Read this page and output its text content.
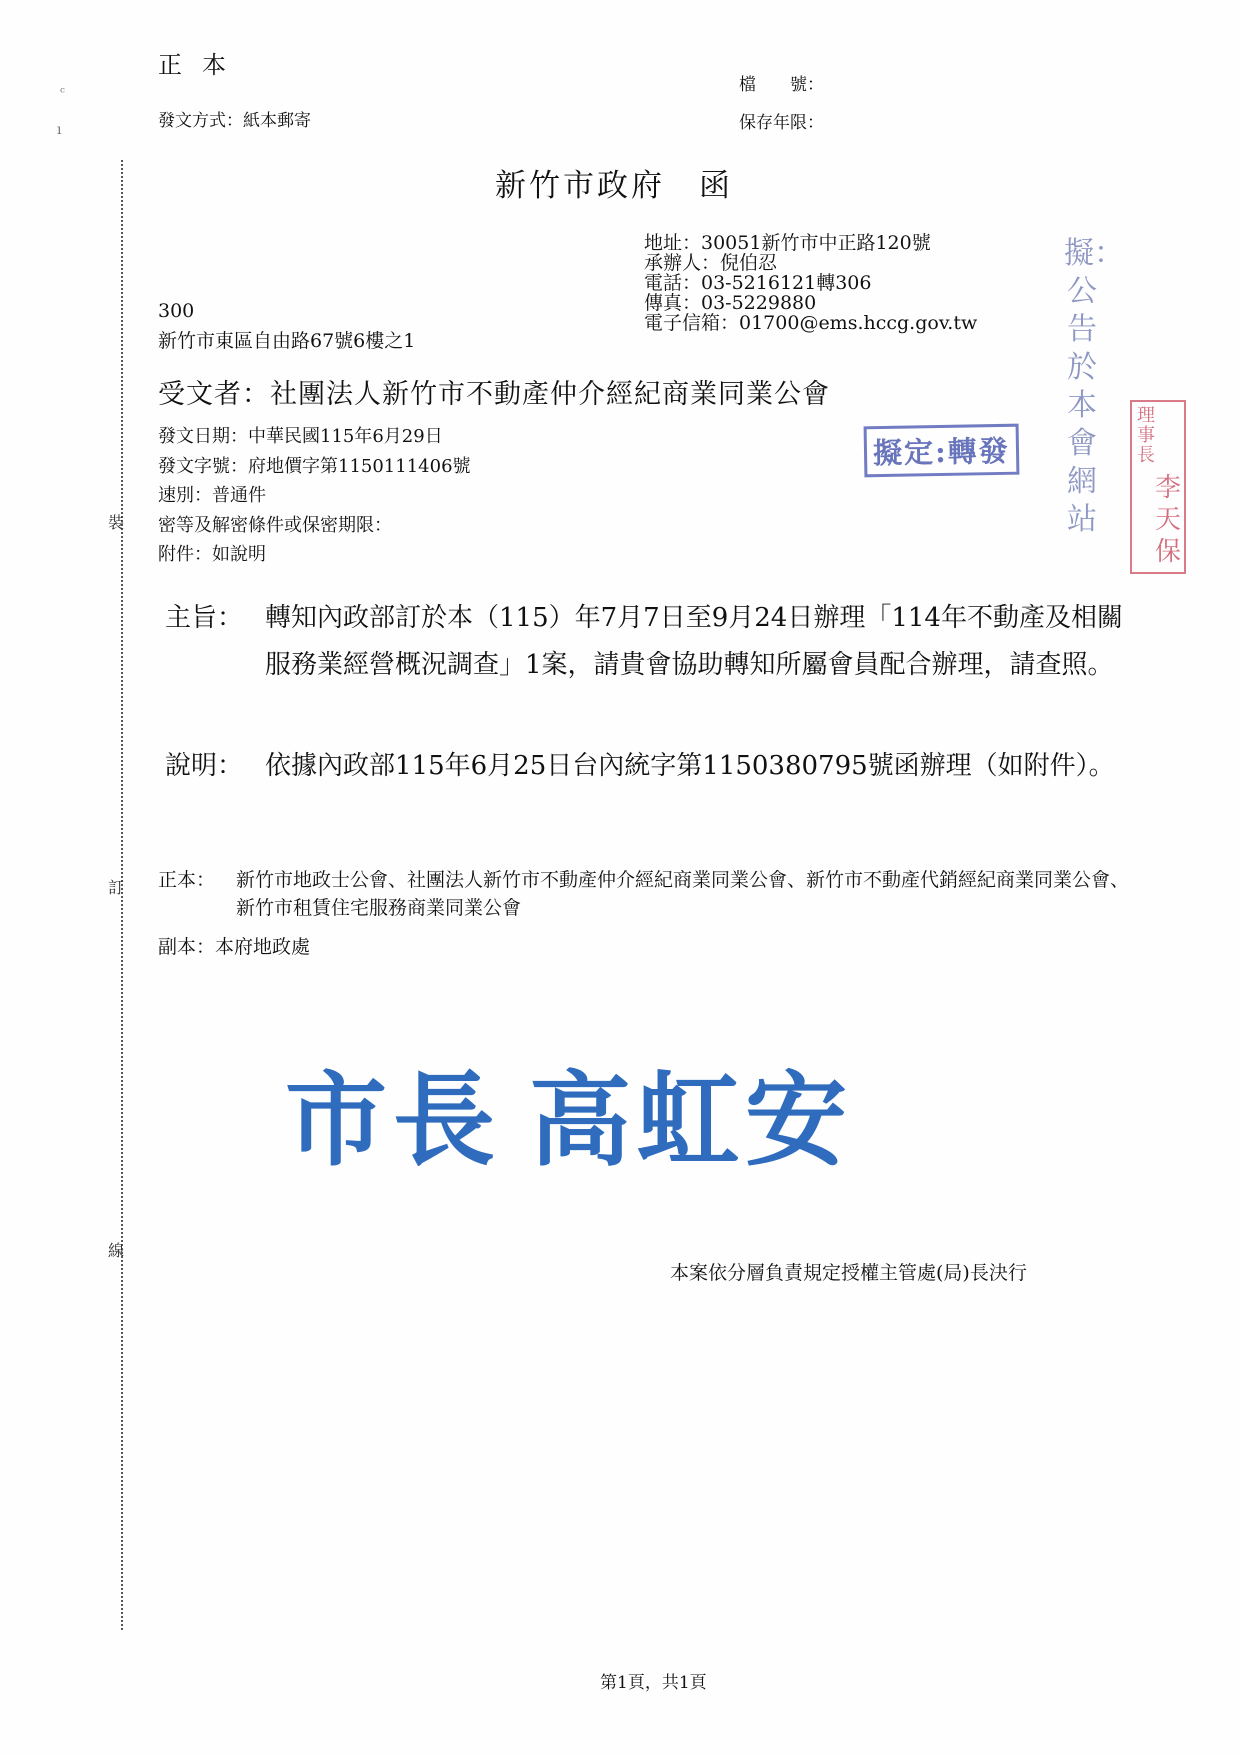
裝
訂
線
ᶜ
ı
正本
發文方式：紙本郵寄
檔　　號：
保存年限：
新竹市政府　函
地址：30051新竹市中正路120號
承辦人：倪伯忍
電話：03-5216121轉306
傳真：03-5229880
電子信箱：01700@ems.hccg.gov.tw
300
新竹市東區自由路67號6樓之1
受文者：社團法人新竹市不動產仲介經紀商業同業公會
發文日期：中華民國115年6月29日
發文字號：府地價字第1150111406號
速別：普通件
密等及解密條件或保密期限：
附件：如說明
擬定:轉發
擬：公告於本會網站
理事長
李天保
主旨： 轉知內政部訂於本（115）年7月7日至9月24日辦理「114年不動產及相關服務業經營概況調查」1案，請貴會協助轉知所屬會員配合辦理，請查照。
說明： 依據內政部115年6月25日台內統字第1150380795號函辦理（如附件）。
正本：	新竹市地政士公會、社團法人新竹市不動產仲介經紀商業同業公會、新竹市不動產代銷經紀商業同業公會、新竹市租賃住宅服務商業同業公會
副本：本府地政處
市長 高虹安
本案依分層負責規定授權主管處(局)長決行
第1頁，共1頁
